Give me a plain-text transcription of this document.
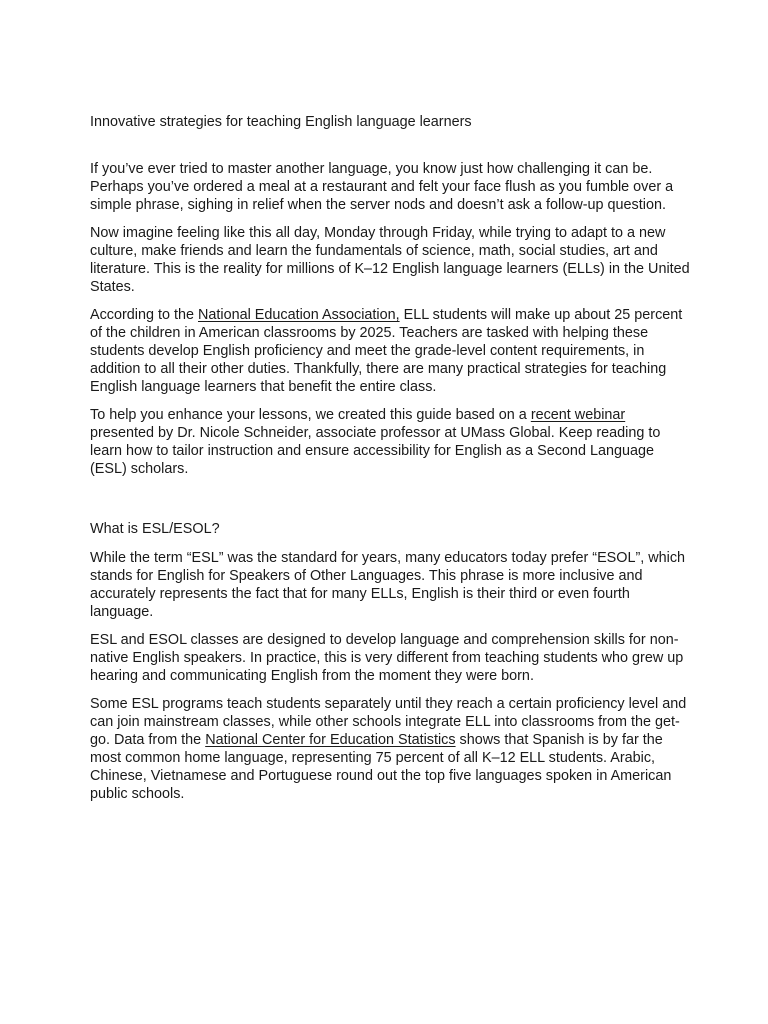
Innovative strategies for teaching English language learners

If you’ve ever tried to master another language, you know just how challenging it can be. Perhaps you’ve ordered a meal at a restaurant and felt your face flush as you fumble over a simple phrase, sighing in relief when the server nods and doesn’t ask a follow-up question.

Now imagine feeling like this all day, Monday through Friday, while trying to adapt to a new culture, make friends and learn the fundamentals of science, math, social studies, art and literature. This is the reality for millions of K–12 English language learners (ELLs) in the United States.

According to the National Education Association, ELL students will make up about 25 percent of the children in American classrooms by 2025. Teachers are tasked with helping these students develop English proficiency and meet the grade-level content requirements, in addition to all their other duties. Thankfully, there are many practical strategies for teaching English language learners that benefit the entire class.

To help you enhance your lessons, we created this guide based on a recent webinar presented by Dr. Nicole Schneider, associate professor at UMass Global. Keep reading to learn how to tailor instruction and ensure accessibility for English as a Second Language (ESL) scholars.

What is ESL/ESOL?

While the term “ESL” was the standard for years, many educators today prefer “ESOL”, which stands for English for Speakers of Other Languages. This phrase is more inclusive and accurately represents the fact that for many ELLs, English is their third or even fourth language.

ESL and ESOL classes are designed to develop language and comprehension skills for non-native English speakers. In practice, this is very different from teaching students who grew up hearing and communicating English from the moment they were born.

Some ESL programs teach students separately until they reach a certain proficiency level and can join mainstream classes, while other schools integrate ELL into classrooms from the get-go. Data from the National Center for Education Statistics shows that Spanish is by far the most common home language, representing 75 percent of all K–12 ELL students. Arabic, Chinese, Vietnamese and Portuguese round out the top five languages spoken in American public schools.
